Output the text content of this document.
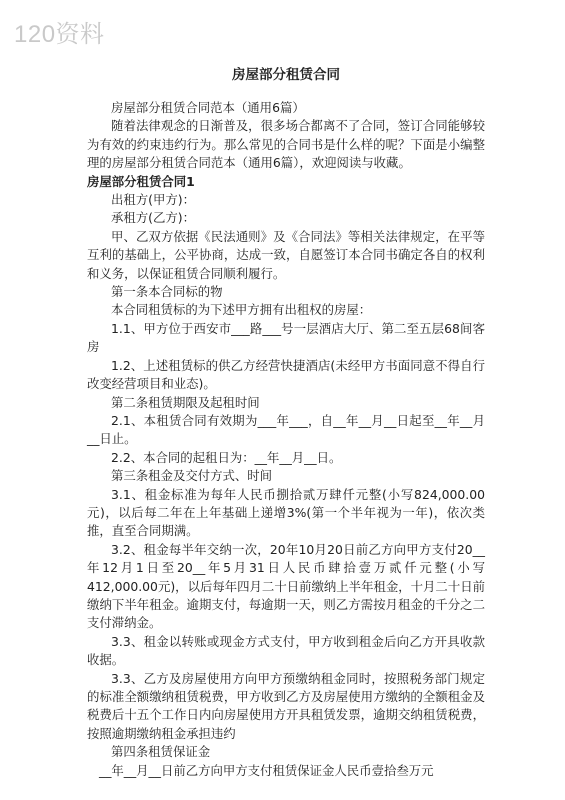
120资料
房屋部分租赁合同

房屋部分租赁合同范本（通用6篇）

随着法律观念的日渐普及，很多场合都离不了合同，签订合同能够较为有效的约束违约行为。那么常见的合同书是什么样的呢？下面是小编整理的房屋部分租赁合同范本（通用6篇），欢迎阅读与收藏。

房屋部分租赁合同1

出租方(甲方)：

承租方(乙方)：

甲、乙双方依据《民法通则》及《合同法》等相关法律规定，在平等互利的基础上，公平协商，达成一致，自愿签订本合同书确定各自的权利和义务，以保证租赁合同顺利履行。

第一条本合同标的物

本合同租赁标的为下述甲方拥有出租权的房屋：

1.1、甲方位于西安市___路___号一层酒店大厅、第二至五层68间客房

1.2、上述租赁标的供乙方经营快捷酒店(未经甲方书面同意不得自行改变经营项目和业态)。

第二条租赁期限及起租时间

2.1、本租赁合同有效期为___年___，自__年__月__日起至__年__月__日止。

2.2、本合同的起租日为：__年__月__日。

第三条租金及交付方式、时间

3.1、租金标准为每年人民币捌拾贰万肆仟元整(小写824,000.00元)，以后每二年在上年基础上递增3%(第一个半年视为一年)，依次类推，直至合同期满。

3.2、租金每半年交纳一次，20年10月20日前乙方向甲方支付20__年12月1日至20__年5月31日人民币肆拾壹万贰仟元整(小写412,000.00元)，以后每年四月二十日前缴纳上半年租金，十月二十日前缴纳下半年租金。逾期支付，每逾期一天，则乙方需按月租金的千分之二支付滞纳金。

3.3、租金以转账或现金方式支付，甲方收到租金后向乙方开具收款收据。

3.3、乙方及房屋使用方向甲方预缴纳租金同时，按照税务部门规定的标准全额缴纳租赁税费，甲方收到乙方及房屋使用方缴纳的全额租金及税费后十五个工作日内向房屋使用方开具租赁发票，逾期交纳租赁税费，按照逾期缴纳租金承担违约

第四条租赁保证金

__年__月__日前乙方向甲方支付租赁保证金人民币壹拾叁万元
